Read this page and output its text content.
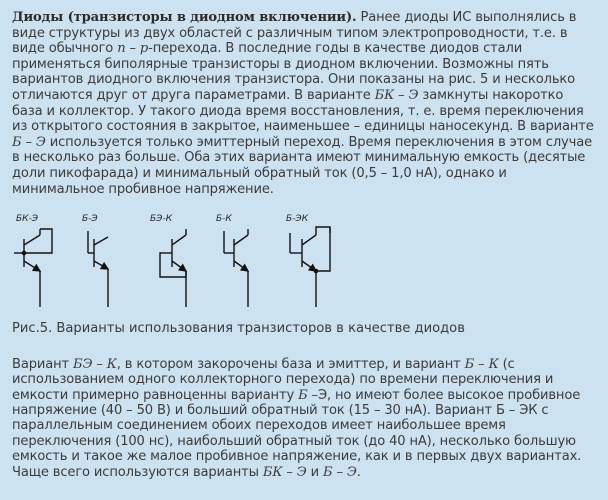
Диоды (транзисторы в диодном включении). Ранее диоды ИС выполнялись в виде структуры из двух областей с различным типом электропроводности, т.е. в виде обычного n – p-перехода. В последние годы в качестве диодов стали применяться биполярные транзисторы в диодном включении. Возможны пять вариантов диодного включения транзистора. Они показаны на рис. 5 и несколько отличаются друг от друга параметрами. В варианте БК – Э замкнуты накоротко база и коллектор. У такого диода время восстановления, т. е. время переключения из открытого состояния в закрытое, наименьшее – единицы наносекунд. В варианте Б – Э используется только эмиттерный переход. Время переключения в этом случае в несколько раз больше. Оба этих варианта имеют минимальную емкость (десятые доли пикофарада) и минимальный обратный ток (0,5 – 1,0 нА), однако и минимальное пробивное напряжение.

БК-Э	Б-Э	БЭ-К	Б-К	Б-ЭК

Рис.5. Варианты использования транзисторов в качестве диодов

Вариант БЭ – К, в котором закорочены база и эмиттер, и вариант Б – К (с использованием одного коллекторного перехода) по времени переключения и емкости примерно равноценны варианту Б –Э, но имеют более высокое пробивное напряжение (40 – 50 В) и больший обратный ток (15 – 30 нА). Вариант Б – ЭК с параллельным соединением обоих переходов имеет наибольшее время переключения (100 нс), наибольший обратный ток (до 40 нА), несколько большую емкость и такое же малое пробивное напряжение, как и в первых двух вариантах. Чаще всего используются варианты БК – Э и Б – Э.
